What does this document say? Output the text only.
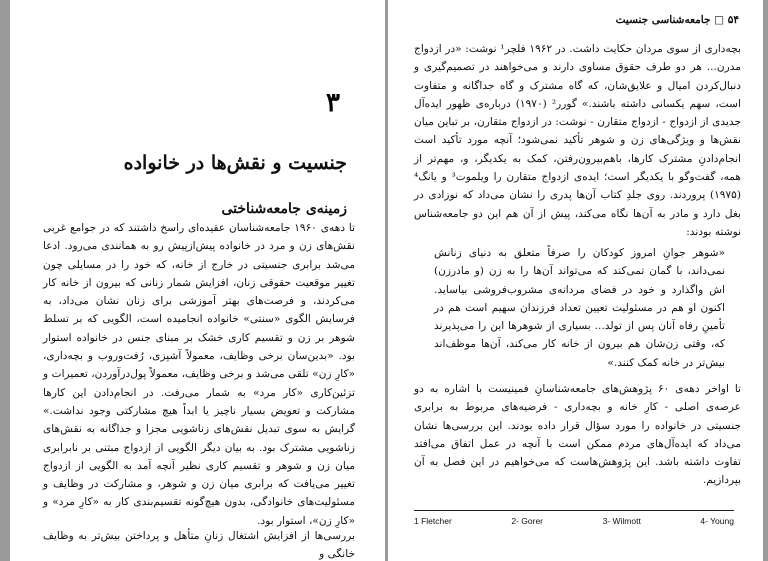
۳
جنسیت و نقش‌ها در خانواده
زمینه‌ی جامعه‌شناختی

تا دهه‌ی ۱۹۶۰ جامعه‌شناسان عقیده‌ای راسخ داشتند که در جوامع غربی نقش‌های زن و مرد در خانواده پیش‌ازپیش رو به همانندی می‌رود. ادعا می‌شد برابری جنسیتی در خارج از خانه، که خود را در مسایلی چون تغییر موقعیت حقوقی زنان، افزایش شمار زنانی که بیرون از خانه کار می‌کردند، و فرصت‌های بهتر آموزشی برای زنان نشان می‌داد، به فرسایش الگوی «سنتی» خانواده انجامیده است، الگویی که بر تسلط شوهر بر زن و تقسیم کاری خشک بر مبنای جنس در خانواده استوار بود. «بدین‌سان برخی وظایف، معمولاً آشپزی، رُفت‌وروب و بچه‌داری، «کارِ زن» تلقی می‌شد و برخی وظایف، معمولاً پول‌درآوردن، تعمیرات و تزئین‌کاری «کار مرد» به شمار می‌رفت. در انجام‌دادن این کارها مشارکت و تعویض بسیار ناچیز یا ابداً هیچ مشارکتی وجود نداشت.» گرایش به سوی تبدیل نقش‌های زناشویی مجزا و جداگانه به نقش‌های زناشویی مشترک بود. به بیان دیگر الگویی از ازدواج مبتنی بر نابرابری میان زن و شوهر و تقسیم کاری نظیر آنچه آمد به الگویی از ازدواج تغییر می‌یافت که برابری میان زن و شوهر، و مشارکت در وظایف و مسئولیت‌های خانوادگی، بدون هیچ‌گونه تقسیم‌بندی کار به «کارِ مرد» و «کارِ زن»، استوار بود.

بررسی‌ها از افزایش اشتغال زنانِ متأهل و پرداختن بیش‌تر به وظایف خانگی و

۵۴ □ جامعه‌شناسی جنسیت

بچه‌داری از سوی مردان حکایت داشت. در ۱۹۶۲ فلچر¹ نوشت: «در ازدواج مدرن... هر دو طرف حقوق مساوی دارند و می‌خواهند در تصمیم‌گیری و دنبال‌کردن امیال و علایق‌شان، که گاه مشترک و گاه جداگانه و متفاوت است، سهم یکسانی داشته باشند.» گورر² (۱۹۷۰) درباره‌ی ظهور ایده‌آل جدیدی از ازدواج - ازدواج متقارن - نوشت: در ازدواج متقارن، بر تباین میان نقش‌ها و ویژگی‌های زن و شوهر تأکید نمی‌شود؛ آنچه مورد تأکید است انجام‌دادنِ مشترک کارها، باهم‌بیرون‌رفتن، کمک به یکدیگر، و، مهم‌تر از همه، گفت‌وگو با یکدیگر است؛ ایده‌ی ازدواج متقارن را ویلموت³ و یانگ⁴ (۱۹۷۵) پروردند. روی جلدِ کتاب آن‌ها پدری را نشان می‌داد که نوزادی در بغل دارد و مادر به آن‌ها نگاه می‌کند، پیش از آن هم این دو جامعه‌شناس نوشته بودند:

«شوهر جوانِ امروز کودکان را صرفاً متعلق به دنیای زنانش نمی‌داند، با گمان تمی‌کند که می‌تواند آن‌ها را به زن (و مادرزن) اش واگذارد و خود در فضای مردانه‌ی مشروب‌فروشی بیاساید. اکنون او هم در مسئولیت تعیین تعداد فرزندان سهیم است هم در تأمینِ رفاه آنان پس از تولد... بسیاری از شوهرها این را می‌پذیرند که، وقتی زن‌شان هم بیرون از خانه کار می‌کند، آن‌ها موظف‌اند بیش‌تر در خانه کمک کنند.»

تا اواخر دهه‌ی ۶۰ پژوهش‌های جامعه‌شناسانِ فمینیست با اشاره به دو عرصه‌ی اصلی - کارِ خانه و بچه‌داری - فرضیه‌های مربوط به برابری جنسیتی در خانواده را مورد سؤال قرار داده بودند. این بررسی‌ها نشان می‌داد که ایده‌آل‌های مردم ممکن است با آنچه در عمل اتفاق می‌افتد تفاوت داشته باشد. این پژوهش‌هاست که می‌خواهیم در این فصل به آن بپردازیم.

1 Fletcher	2- Gorer	3- Wilmott	4- Young
